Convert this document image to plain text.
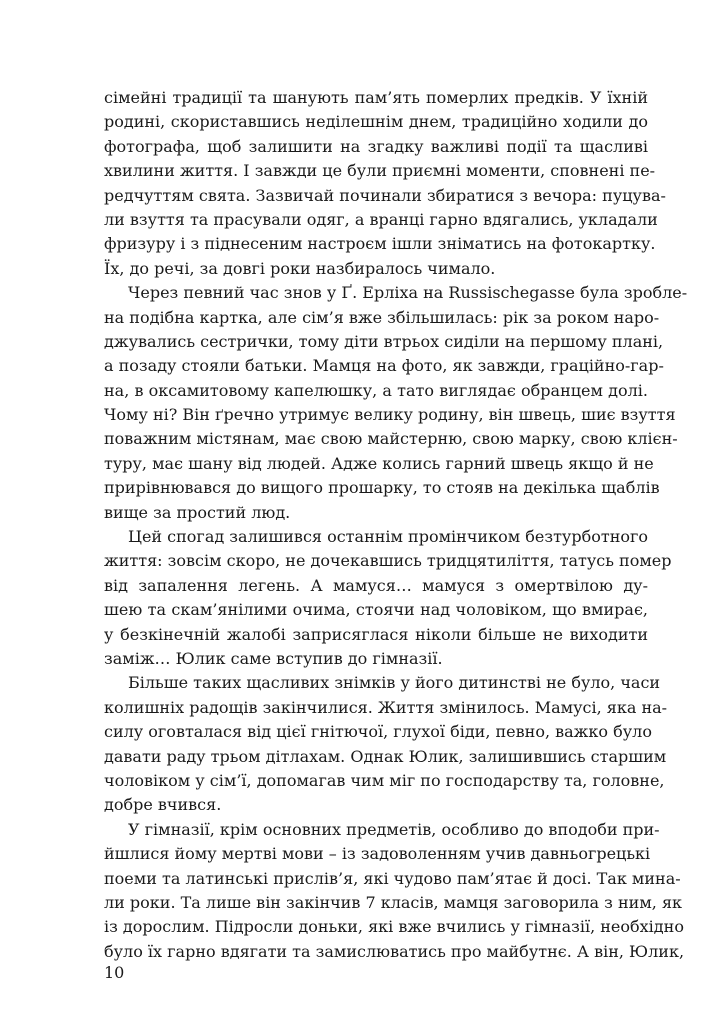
сімейні традиції та шанують пам’ять померлих предків. У їхній
родині, скориставшись неділешнім днем, традиційно ходили до
фотографа, щоб залишити на згадку важливі події та щасливі
хвилини життя. І завжди це були приємні моменти, сповнені пе-
редчуттям свята. Зазвичай починали збиратися з вечора: пуцува-
ли взуття та прасували одяг, а вранці гарно вдягались, укладали
фризуру і з піднесеним настроєм ішли зніматись на фотокартку.
Їх, до речі, за довгі роки назбиралось чимало.
Через певний час знов у Ґ. Ерліха на Russischegasse була зробле-
на подібна картка, але сім’я вже збільшилась: рік за роком наро-
джувались сестрички, тому діти втрьох сиділи на першому плані,
а позаду стояли батьки. Мамця на фото, як завжди, граційно-гар-
на, в оксамитовому капелюшку, а тато виглядає обранцем долі.
Чому ні? Він ґречно утримує велику родину, він швець, шиє взуття
поважним містянам, має свою майстерню, свою марку, свою клієн-
туру, має шану від людей. Адже колись гарний швець якщо й не
прирівнювався до вищого прошарку, то стояв на декілька щаблів
вище за простий люд.
Цей спогад залишився останнім промінчиком безтурботного
життя: зовсім скоро, не дочекавшись тридцятиліття, татусь помер
від запалення легень. А мамуся… мамуся з омертвілою ду-
шею та скам’янілими очима, стоячи над чоловіком, що вмирає,
у безкінечній жалобі заприсяглася ніколи більше не виходити
заміж… Юлик саме вступив до гімназії.
Більше таких щасливих знімків у його дитинстві не було, часи
колишніх радощів закінчилися. Життя змінилось. Мамусі, яка на-
силу оговталася від цієї гнітючої, глухої біди, певно, важко було
давати раду трьом дітлахам. Однак Юлик, залишившись старшим
чоловіком у сім’ї, допомагав чим міг по господарству та, головне,
добре вчився.
У гімназії, крім основних предметів, особливо до вподоби при-
йшлися йому мертві мови – із задоволенням учив давньогрецькі
поеми та латинські прислів’я, які чудово пам’ятає й досі. Так мина-
ли роки. Та лише він закінчив 7 класів, мамця заговорила з ним, як
із дорослим. Підросли доньки, які вже вчились у гімназії, необхідно
було їх гарно вдягати та замислюватись про майбутнє. А він, Юлик,
10
